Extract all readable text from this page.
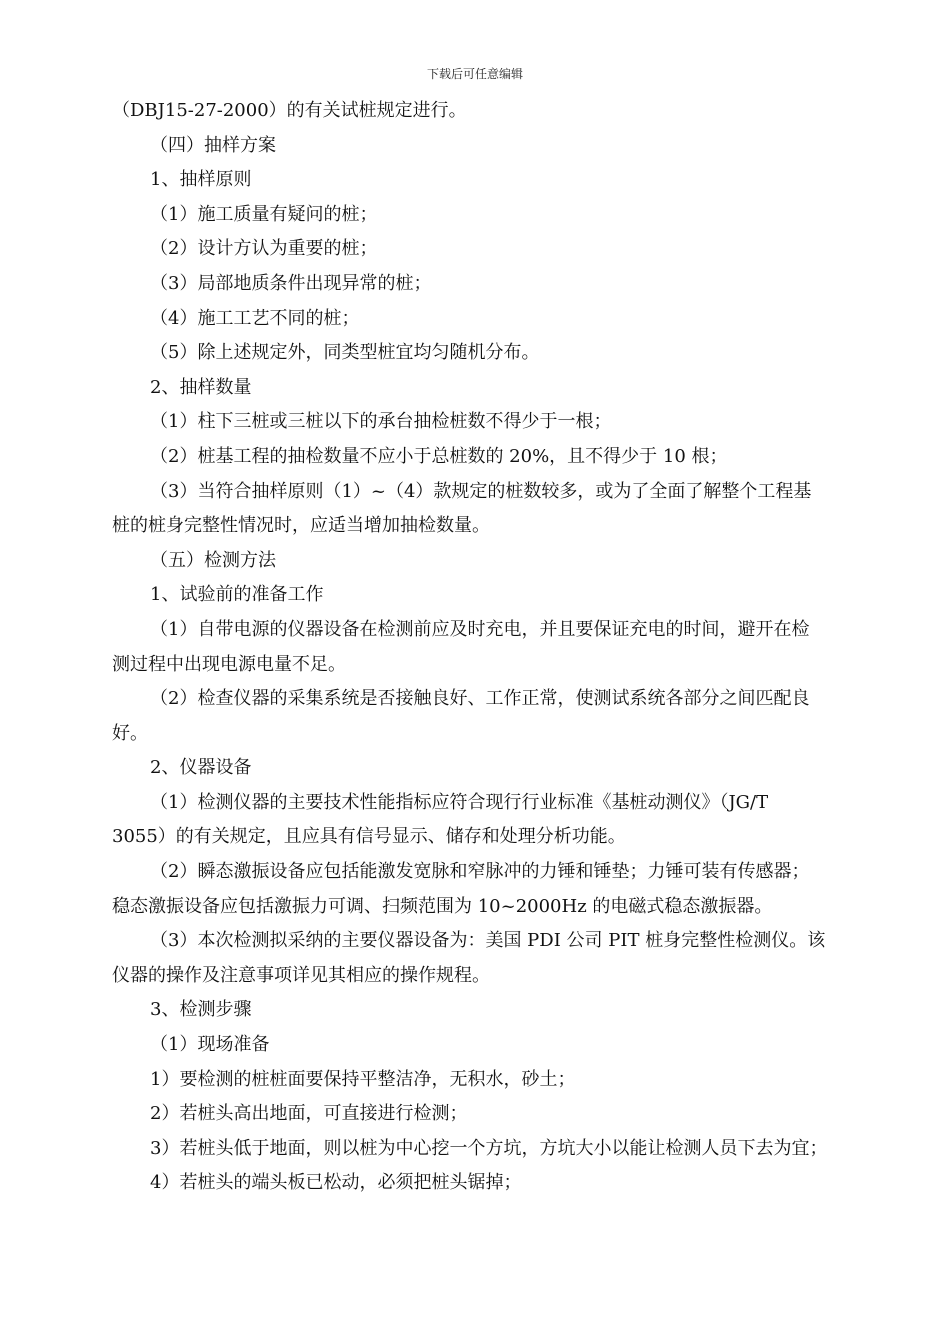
下载后可任意编辑

（DBJ15-27-2000）的有关试桩规定进行。

（四）抽样方案

1、抽样原则

（1）施工质量有疑问的桩；

（2）设计方认为重要的桩；

（3）局部地质条件出现异常的桩；

（4）施工工艺不同的桩；

（5）除上述规定外，同类型桩宜均匀随机分布。

2、抽样数量

（1）柱下三桩或三桩以下的承台抽检桩数不得少于一根；

（2）桩基工程的抽检数量不应小于总桩数的 20%，且不得少于 10 根；

（3）当符合抽样原则（1）~（4）款规定的桩数较多，或为了全面了解整个工程基

桩的桩身完整性情况时，应适当增加抽检数量。

（五）检测方法

1、试验前的准备工作

（1）自带电源的仪器设备在检测前应及时充电，并且要保证充电的时间，避开在检

测过程中出现电源电量不足。

（2）检查仪器的采集系统是否接触良好、工作正常，使测试系统各部分之间匹配良

好。

2、仪器设备

（1）检测仪器的主要技术性能指标应符合现行行业标准《基桩动测仪》（JG/T

3055）的有关规定，且应具有信号显示、储存和处理分析功能。

（2）瞬态激振设备应包括能激发宽脉和窄脉冲的力锤和锤垫；力锤可装有传感器；

稳态激振设备应包括激振力可调、扫频范围为 10~2000Hz 的电磁式稳态激振器。

（3）本次检测拟采纳的主要仪器设备为：美国 PDI 公司 PIT 桩身完整性检测仪。该

仪器的操作及注意事项详见其相应的操作规程。

3、检测步骤

（1）现场准备

1）要检测的桩桩面要保持平整洁净，无积水，砂土；

2）若桩头高出地面，可直接进行检测；

3）若桩头低于地面，则以桩为中心挖一个方坑，方坑大小以能让检测人员下去为宜；

4）若桩头的端头板已松动，必须把桩头锯掉；
